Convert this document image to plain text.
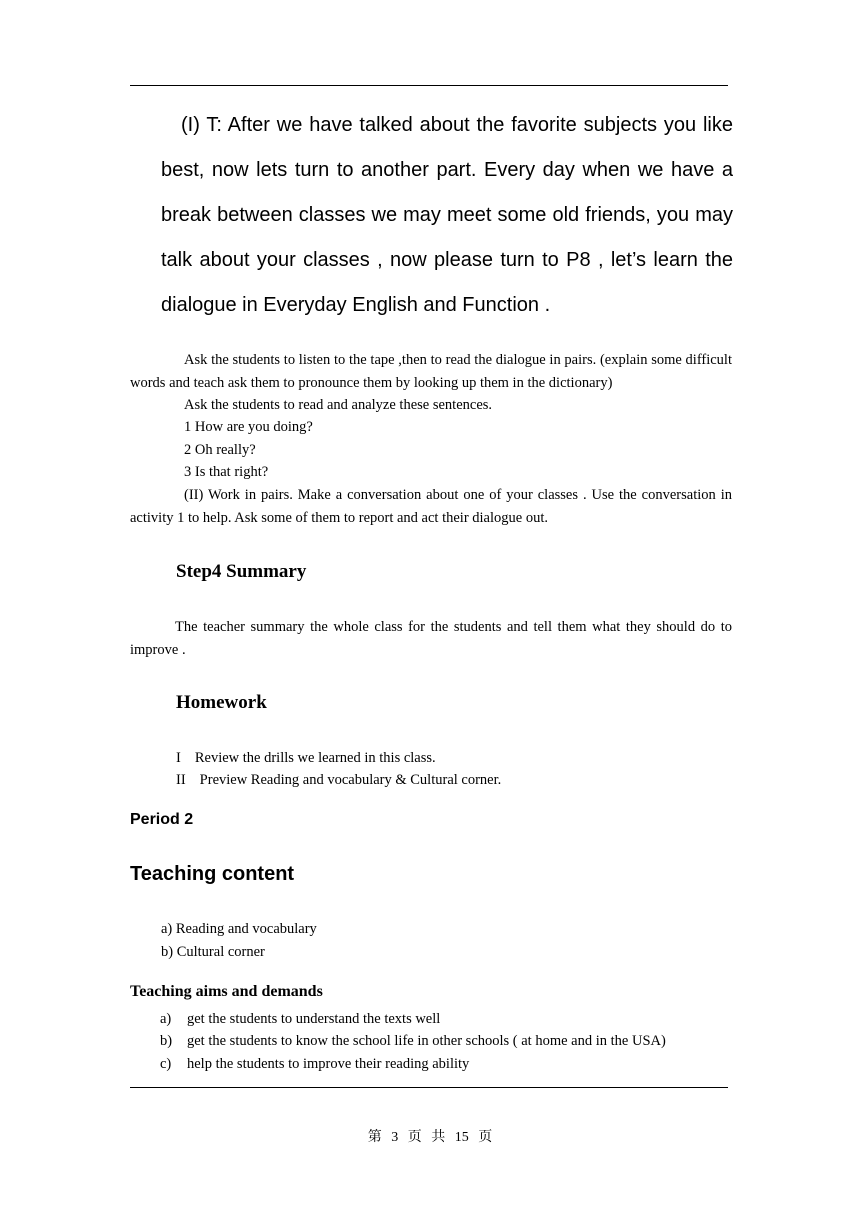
(I) T: After we have talked about the favorite subjects you like best, now lets turn to another part. Every day when we have a break between classes we may meet some old friends, you may talk about your classes , now please turn to P8 , let’s learn the dialogue in Everyday English and Function .

Ask the students to listen to the tape ,then to read the dialogue in pairs. (explain some difficult words and teach ask them to pronounce them by looking up them in the dictionary)

Ask the students to read and analyze these sentences.

1 How are you doing?

2 Oh really?

3 Is that right?

(II) Work in pairs. Make a conversation about one of your classes . Use the conversation in activity 1 to help. Ask some of them to report and act their dialogue out.

Step4 Summary

The teacher summary the whole class for the students and tell them what they should do to improve .

Homework

I Review the drills we learned in this class.

II Preview Reading and vocabulary & Cultural corner.

Period 2

Teaching content

a) Reading and vocabulary

b) Cultural corner

Teaching aims and demands

a) get the students to understand the texts well

b) get the students to know the school life in other schools ( at home and in the USA)

c) help the students to improve their reading ability

第 3 页 共 15 页
